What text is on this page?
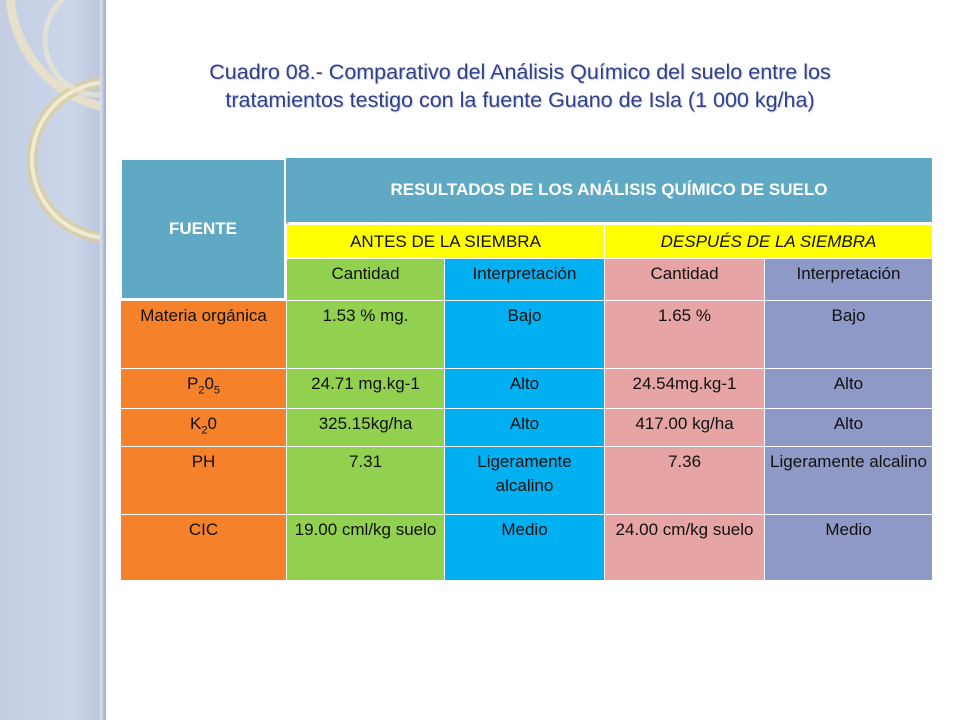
Cuadro 08.- Comparativo del Análisis Químico del suelo entre los
tratamientos testigo con la fuente Guano de Isla (1 000 kg/ha)
FUENTE
RESULTADOS DE LOS ANÁLISIS QUÍMICO DE SUELO
	ANTES DE LA SIEMBRA		DESPUÉS DE LA SIEMBRA	
	Cantidad	Interpretación	Cantidad	Interpretación
Materia orgánica	1.53 % mg.	Bajo	1.65 %	Bajo
$P_20_5$	24.71 mg.kg-1	Alto	24.54mg.kg-1	Alto
$K_20$	325.15kg/ha	Alto	417.00 kg/ha	Alto
PH	7.31	Ligeramente alcalino	7.36	Ligeramente alcalino
CIC	19.00 cml/kg suelo	Medio	24.00 cm/kg suelo	Medio
